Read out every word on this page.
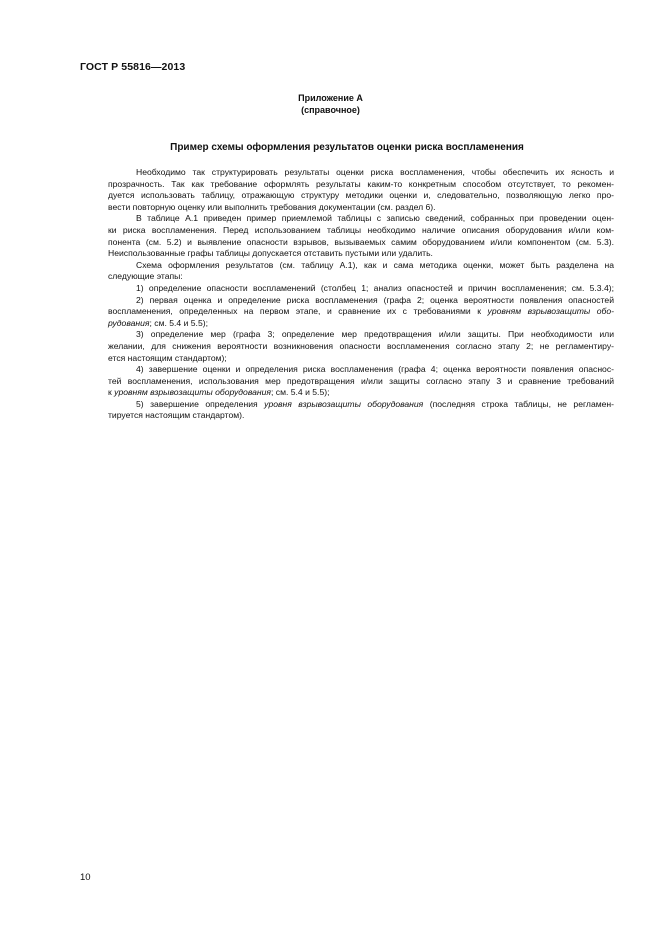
ГОСТ Р 55816—2013
Приложение А
(справочное)
Пример схемы оформления результатов оценки риска воспламенения
Необходимо так структурировать результаты оценки риска воспламенения, чтобы обеспечить их ясность и
прозрачность. Так как требование оформлять результаты каким-то конкретным способом отсутствует, то рекомен-
дуется использовать таблицу, отражающую структуру методики оценки и, следовательно, позволяющую легко про-
вести повторную оценку или выполнить требования документации (см. раздел 6).
В таблице А.1 приведен пример приемлемой таблицы с записью сведений, собранных при проведении оцен-
ки риска воспламенения. Перед использованием таблицы необходимо наличие описания оборудования и/или ком-
понента (см. 5.2) и выявление опасности взрывов, вызываемых самим оборудованием и/или компонентом (см. 5.3).
Неиспользованные графы таблицы допускается отставить пустыми или удалить.
Схема оформления результатов (см. таблицу А.1), как и сама методика оценки, может быть разделена на
следующие этапы:
1) определение опасности воспламенений (столбец 1; анализ опасностей и причин воспламенения; см. 5.3.4);
2) первая оценка и определение риска воспламенения (графа 2; оценка вероятности появления опасностей
воспламенения, определенных на первом этапе, и сравнение их с требованиями к уровням взрывозащиты обо-
рудования; см. 5.4 и 5.5);
3) определение мер (графа 3; определение мер предотвращения и/или защиты. При необходимости или
желании, для снижения вероятности возникновения опасности воспламенения согласно этапу 2; не регламентиру-
ется настоящим стандартом);
4) завершение оценки и определения риска воспламенения (графа 4; оценка вероятности появления опаснос-
тей воспламенения, использования мер предотвращения и/или защиты согласно этапу 3 и сравнение требований
к уровням взрывозащиты оборудования; см. 5.4 и 5.5);
5) завершение определения уровня взрывозащиты оборудования (последняя строка таблицы, не регламен-
тируется настоящим стандартом).
10
